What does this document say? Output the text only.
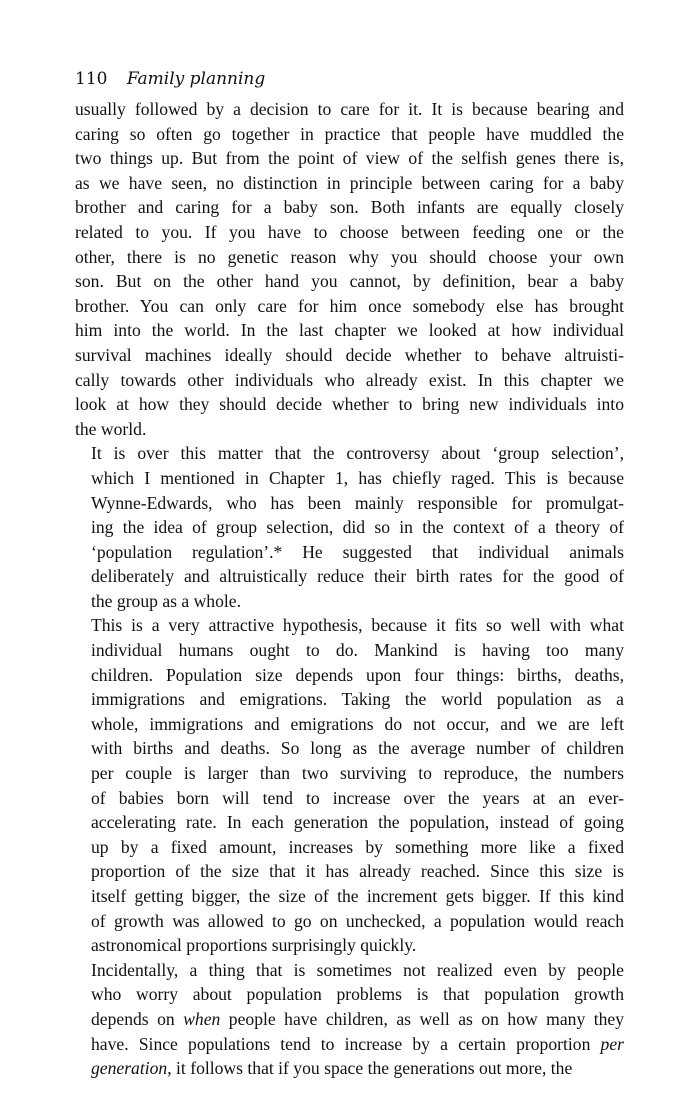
110 Family planning

usually followed by a decision to care for it. It is because bearing and
caring so often go together in practice that people have muddled the
two things up. But from the point of view of the selfish genes there is,
as we have seen, no distinction in principle between caring for a baby
brother and caring for a baby son. Both infants are equally closely
related to you. If you have to choose between feeding one or the
other, there is no genetic reason why you should choose your own
son. But on the other hand you cannot, by definition, bear a baby
brother. You can only care for him once somebody else has brought
him into the world. In the last chapter we looked at how individual
survival machines ideally should decide whether to behave altruisti-
cally towards other individuals who already exist. In this chapter we
look at how they should decide whether to bring new individuals into
the world.

It is over this matter that the controversy about ‘group selection’,
which I mentioned in Chapter 1, has chiefly raged. This is because
Wynne-Edwards, who has been mainly responsible for promulgat-
ing the idea of group selection, did so in the context of a theory of
‘population regulation’.* He suggested that individual animals
deliberately and altruistically reduce their birth rates for the good of
the group as a whole.

This is a very attractive hypothesis, because it fits so well with what
individual humans ought to do. Mankind is having too many
children. Population size depends upon four things: births, deaths,
immigrations and emigrations. Taking the world population as a
whole, immigrations and emigrations do not occur, and we are left
with births and deaths. So long as the average number of children
per couple is larger than two surviving to reproduce, the numbers
of babies born will tend to increase over the years at an ever-
accelerating rate. In each generation the population, instead of going
up by a fixed amount, increases by something more like a fixed
proportion of the size that it has already reached. Since this size is
itself getting bigger, the size of the increment gets bigger. If this kind
of growth was allowed to go on unchecked, a population would reach
astronomical proportions surprisingly quickly.

Incidentally, a thing that is sometimes not realized even by people
who worry about population problems is that population growth
depends on when people have children, as well as on how many they
have. Since populations tend to increase by a certain proportion per
generation, it follows that if you space the generations out more, the
